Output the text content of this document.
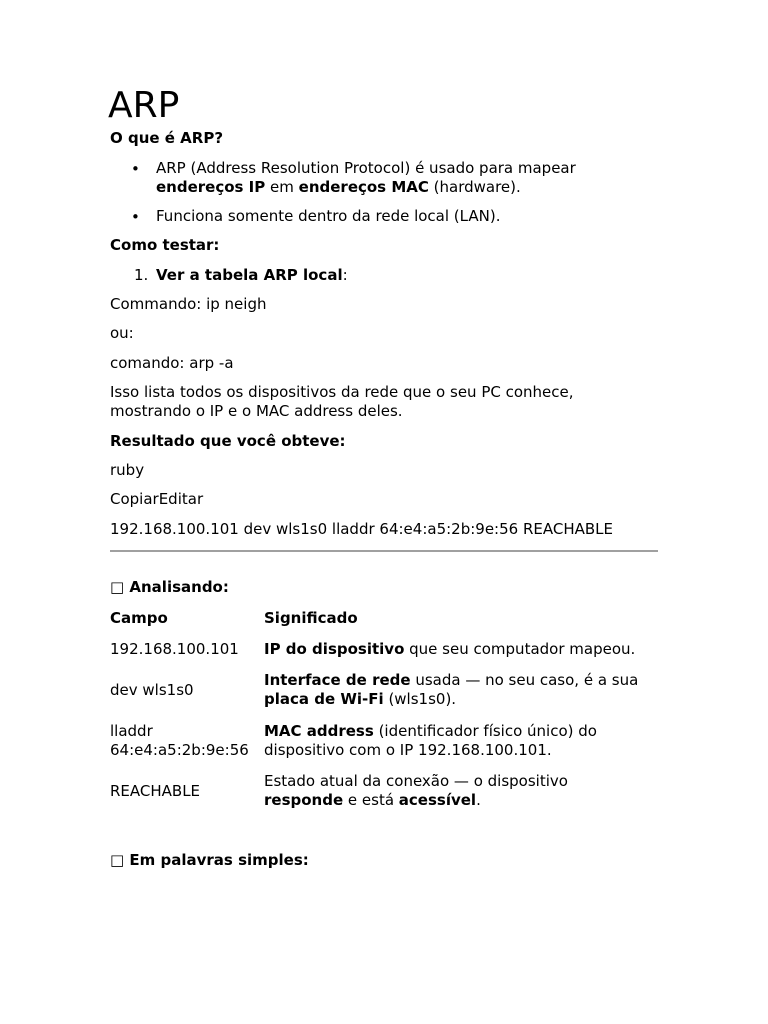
ARP
O que é ARP?
• ARP (Address Resolution Protocol) é usado para mapear
endereços IP em endereços MAC (hardware).
• Funciona somente dentro da rede local (LAN).
Como testar:
1. Ver a tabela ARP local:
Commando: ip neigh
ou:
comando: arp -a
Isso lista todos os dispositivos da rede que o seu PC conhece,
mostrando o IP e o MAC address deles.
Resultado que você obteve:
ruby
CopiarEditar
192.168.100.101 dev wls1s0 lladdr 64:e4:a5:2b:9e:56 REACHABLE
□ Analisando:
Campo	Significado
192.168.100.101 IP do dispositivo que seu computador mapeou.
dev wls1s0
Interface de rede usada — no seu caso, é a sua
placa de Wi-Fi (wls1s0).
lladdr
64:e4:a5:2b:9e:56
MAC address (identificador físico único) do
dispositivo com o IP 192.168.100.101.
REACHABLE
Estado atual da conexão — o dispositivo
responde e está acessível.
□ Em palavras simples:
